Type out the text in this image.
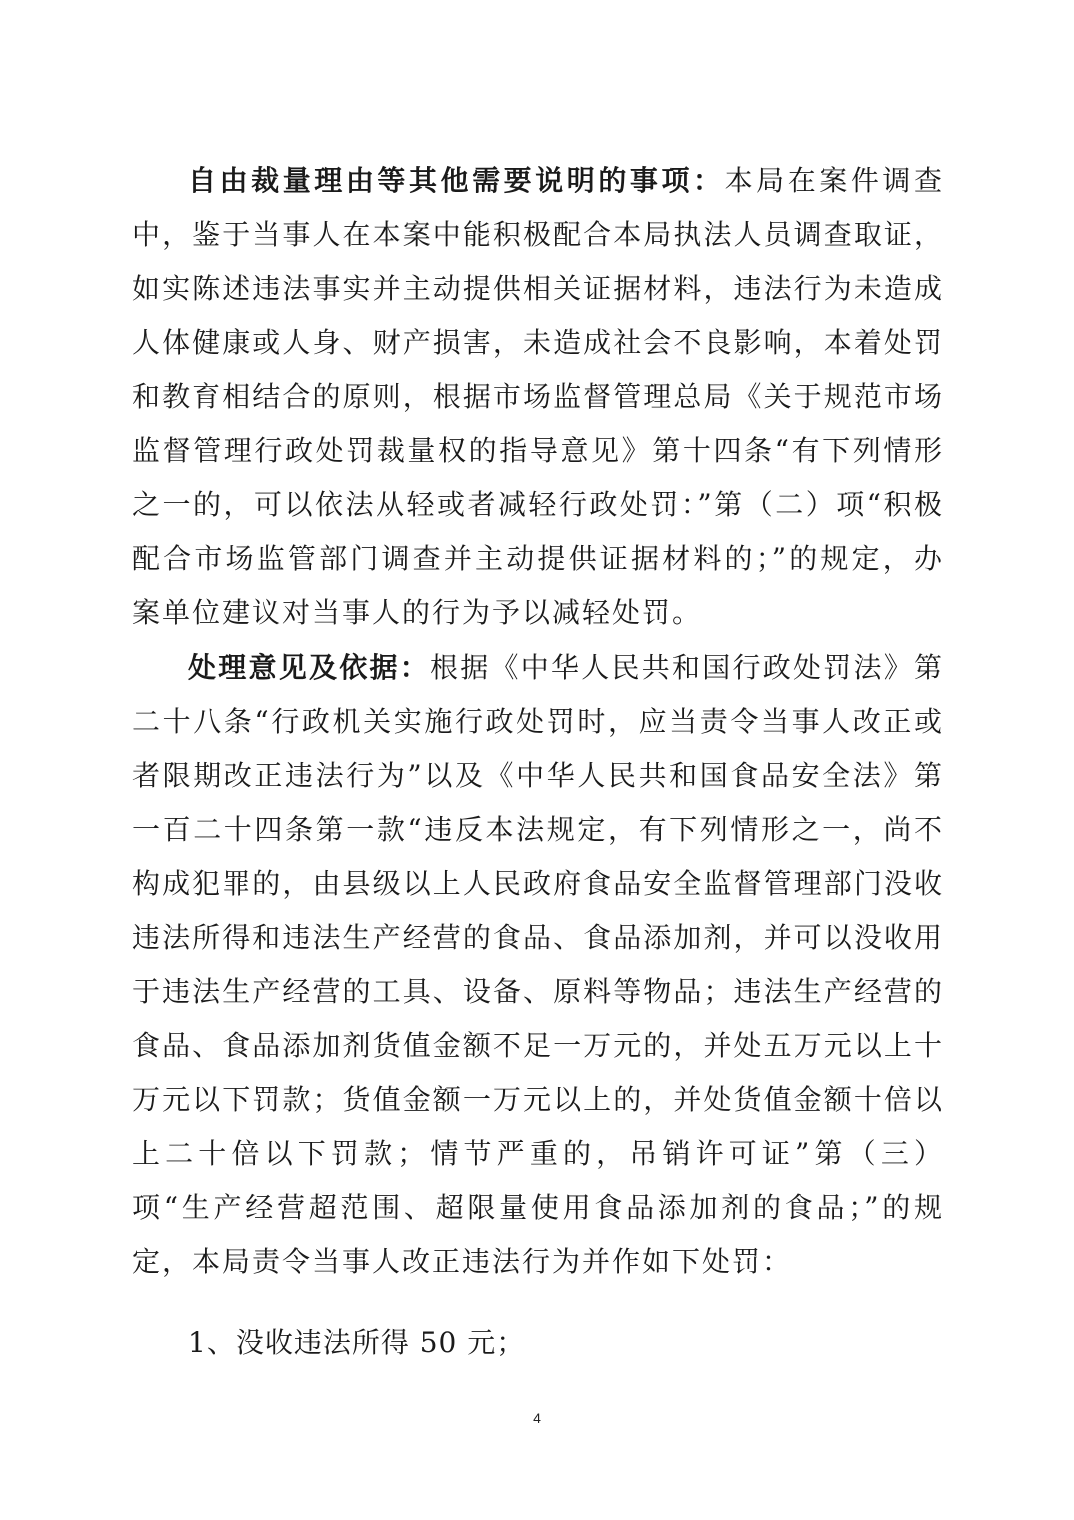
自由裁量理由等其他需要说明的事项：本局在案件调查中，鉴于当事人在本案中能积极配合本局执法人员调查取证，如实陈述违法事实并主动提供相关证据材料，违法行为未造成人体健康或人身、财产损害，未造成社会不良影响，本着处罚和教育相结合的原则，根据市场监督管理总局《关于规范市场监督管理行政处罚裁量权的指导意见》第十四条“有下列情形之一的，可以依法从轻或者减轻行政处罚：”第（二）项“积极配合市场监管部门调查并主动提供证据材料的；”的规定，办案单位建议对当事人的行为予以减轻处罚。

处理意见及依据：根据《中华人民共和国行政处罚法》第二十八条“行政机关实施行政处罚时，应当责令当事人改正或者限期改正违法行为”以及《中华人民共和国食品安全法》第一百二十四条第一款“违反本法规定，有下列情形之一，尚不构成犯罪的，由县级以上人民政府食品安全监督管理部门没收违法所得和违法生产经营的食品、食品添加剂，并可以没收用于违法生产经营的工具、设备、原料等物品；违法生产经营的食品、食品添加剂货值金额不足一万元的，并处五万元以上十万元以下罚款；货值金额一万元以上的，并处货值金额十倍以上二十倍以下罚款；情节严重的，吊销许可证”第（三）项“生产经营超范围、超限量使用食品添加剂的食品；”的规定，本局责令当事人改正违法行为并作如下处罚：

1、没收违法所得 50 元；

4
